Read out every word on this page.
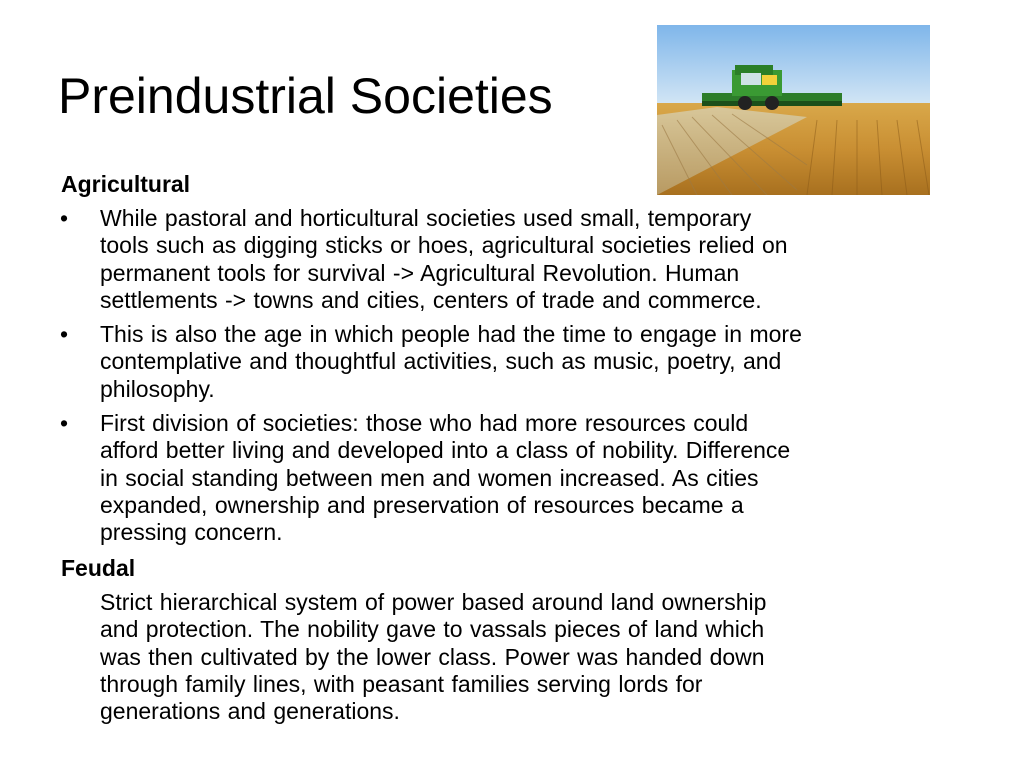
Preindustrial Societies
Agricultural
• While pastoral and horticultural societies used small, temporary
tools such as digging sticks or hoes, agricultural societies relied on
permanent tools for survival -> Agricultural Revolution. Human
settlements -> towns and cities, centers of trade and commerce.
• This is also the age in which people had the time to engage in more
contemplative and thoughtful activities, such as music, poetry, and
philosophy.
• First division of societies: those who had more resources could
afford better living and developed into a class of nobility. Difference
in social standing between men and women increased. As cities
expanded, ownership and preservation of resources became a
pressing concern.
Feudal
Strict hierarchical system of power based around land ownership
and protection. The nobility gave to vassals pieces of land which
was then cultivated by the lower class. Power was handed down
through family lines, with peasant families serving lords for
generations and generations.
